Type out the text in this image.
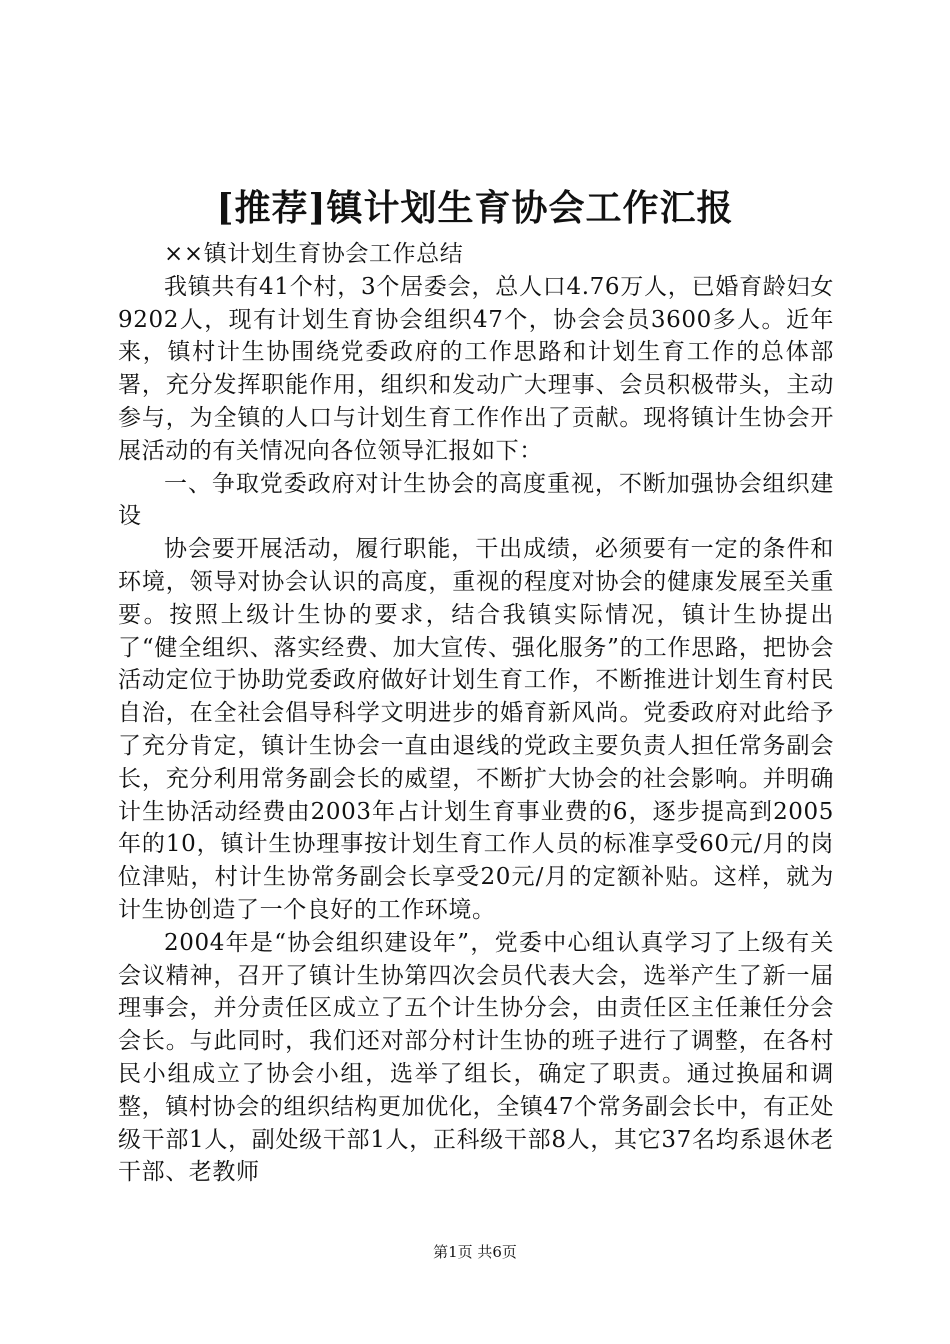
[推荐]镇计划生育协会工作汇报

××镇计划生育协会工作总结

我镇共有41个村，3个居委会，总人口4.76万人，已婚育龄妇女9202人，现有计划生育协会组织47个，协会会员3600多人。近年来，镇村计生协围绕党委政府的工作思路和计划生育工作的总体部署，充分发挥职能作用，组织和发动广大理事、会员积极带头，主动参与，为全镇的人口与计划生育工作作出了贡献。现将镇计生协会开展活动的有关情况向各位领导汇报如下：

一、争取党委政府对计生协会的高度重视，不断加强协会组织建设

协会要开展活动，履行职能，干出成绩，必须要有一定的条件和环境，领导对协会认识的高度，重视的程度对协会的健康发展至关重要。按照上级计生协的要求，结合我镇实际情况，镇计生协提出了“健全组织、落实经费、加大宣传、强化服务”的工作思路，把协会活动定位于协助党委政府做好计划生育工作，不断推进计划生育村民自治，在全社会倡导科学文明进步的婚育新风尚。党委政府对此给予了充分肯定，镇计生协会一直由退线的党政主要负责人担任常务副会长，充分利用常务副会长的威望，不断扩大协会的社会影响。并明确计生协活动经费由2003年占计划生育事业费的6，逐步提高到2005年的10，镇计生协理事按计划生育工作人员的标准享受60元/月的岗位津贴，村计生协常务副会长享受20元/月的定额补贴。这样，就为计生协创造了一个良好的工作环境。

2004年是“协会组织建设年”，党委中心组认真学习了上级有关会议精神，召开了镇计生协第四次会员代表大会，选举产生了新一届理事会，并分责任区成立了五个计生协分会，由责任区主任兼任分会会长。与此同时，我们还对部分村计生协的班子进行了调整，在各村民小组成立了协会小组，选举了组长，确定了职责。通过换届和调整，镇村协会的组织结构更加优化，全镇47个常务副会长中，有正处级干部1人，副处级干部1人，正科级干部8人，其它37名均系退休老干部、老教师

第1页 共6页
